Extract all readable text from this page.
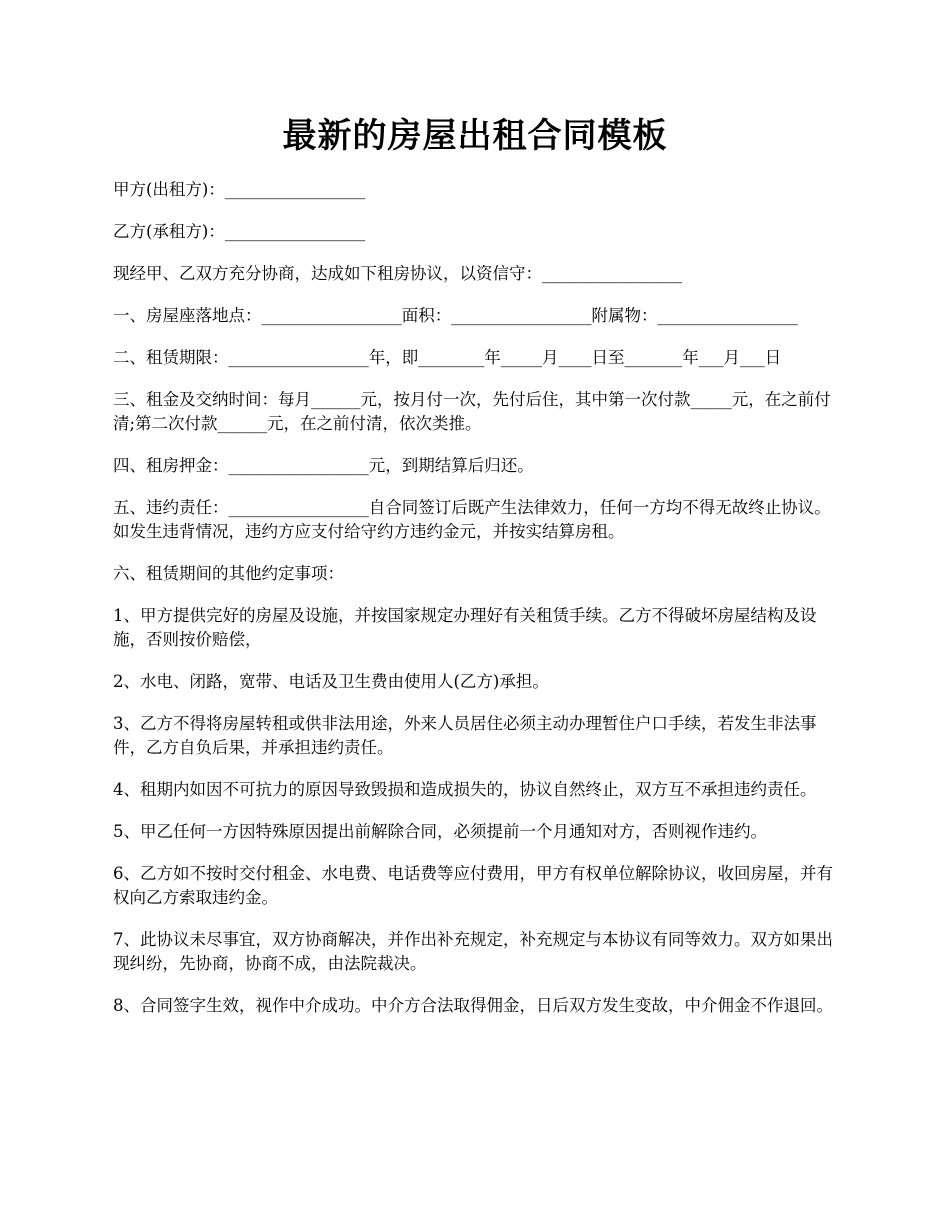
最新的房屋出租合同模板

甲方(出租方)：_________________

乙方(承租方)：_________________

现经甲、乙双方充分协商，达成如下租房协议，以资信守：_________________

一、房屋座落地点：_________________面积：_________________附属物：_________________

二、租赁期限：_________________年，即________年_____月____日至_______年___月___日

三、租金及交纳时间：每月______元，按月付一次，先付后住，其中第一次付款_____元，在之前付清;第二次付款______元，在之前付清，依次类推。

四、租房押金：_________________元，到期结算后归还。

五、违约责任：_________________自合同签订后既产生法律效力，任何一方均不得无故终止协议。如发生违背情况，违约方应支付给守约方违约金元，并按实结算房租。

六、租赁期间的其他约定事项：

1、甲方提供完好的房屋及设施，并按国家规定办理好有关租赁手续。乙方不得破坏房屋结构及设施，否则按价赔偿，

2、水电、闭路，宽带、电话及卫生费由使用人(乙方)承担。

3、乙方不得将房屋转租或供非法用途，外来人员居住必须主动办理暂住户口手续，若发生非法事件，乙方自负后果，并承担违约责任。

4、租期内如因不可抗力的原因导致毁损和造成损失的，协议自然终止，双方互不承担违约责任。

5、甲乙任何一方因特殊原因提出前解除合同，必须提前一个月通知对方，否则视作违约。

6、乙方如不按时交付租金、水电费、电话费等应付费用，甲方有权单位解除协议，收回房屋，并有权向乙方索取违约金。

7、此协议未尽事宜，双方协商解决，并作出补充规定，补充规定与本协议有同等效力。双方如果出现纠纷，先协商，协商不成，由法院裁决。

8、合同签字生效，视作中介成功。中介方合法取得佣金，日后双方发生变故，中介佣金不作退回。
